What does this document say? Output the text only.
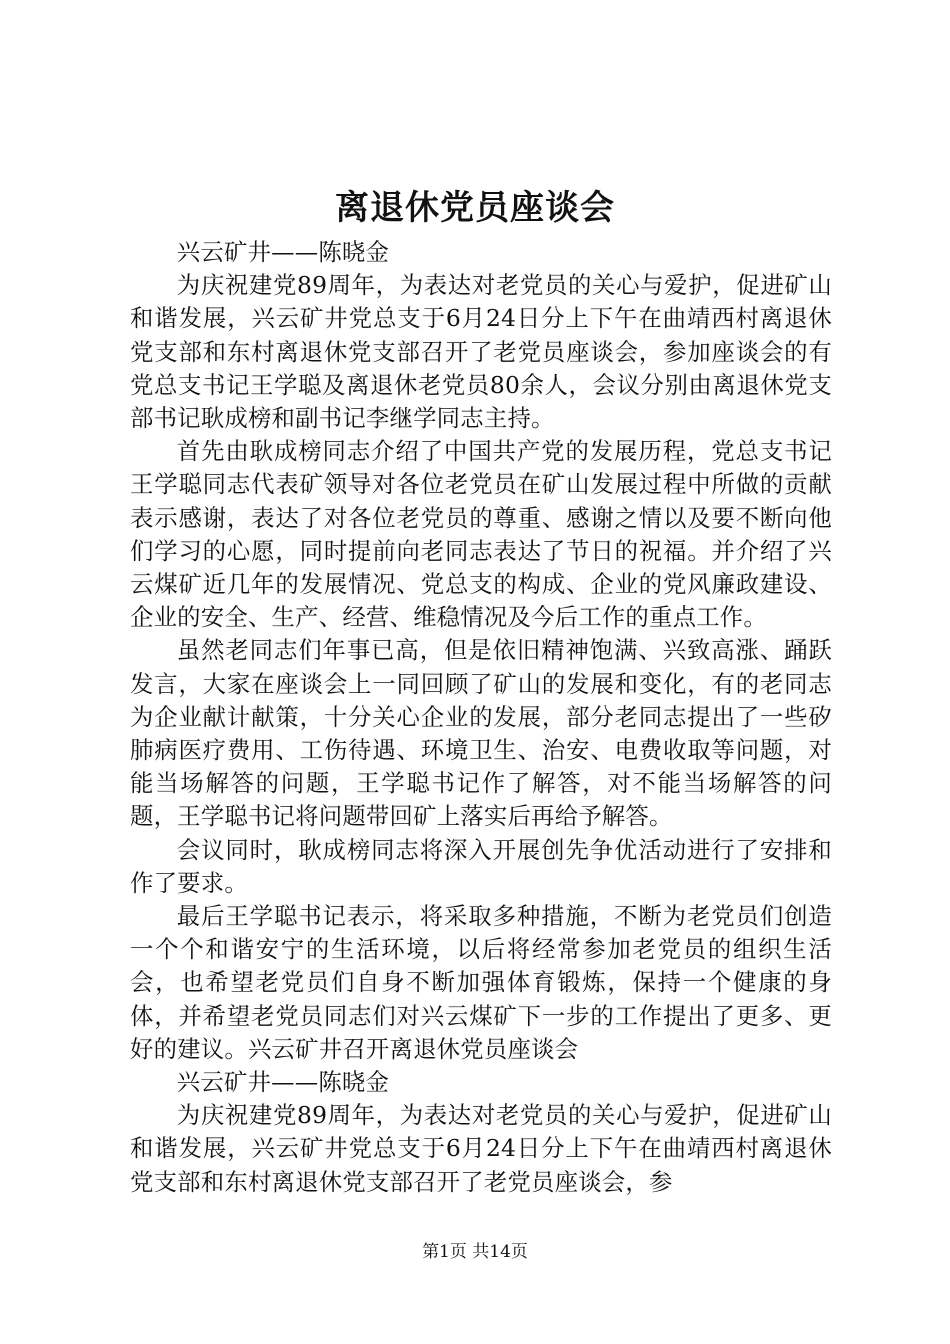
离退休党员座谈会

兴云矿井——陈晓金

为庆祝建党89周年，为表达对老党员的关心与爱护，促进矿山和谐发展，兴云矿井党总支于6月24日分上下午在曲靖西村离退休党支部和东村离退休党支部召开了老党员座谈会，参加座谈会的有党总支书记王学聪及离退休老党员80余人，会议分别由离退休党支部书记耿成榜和副书记李继学同志主持。

首先由耿成榜同志介绍了中国共产党的发展历程，党总支书记王学聪同志代表矿领导对各位老党员在矿山发展过程中所做的贡献表示感谢，表达了对各位老党员的尊重、感谢之情以及要不断向他们学习的心愿，同时提前向老同志表达了节日的祝福。并介绍了兴云煤矿近几年的发展情况、党总支的构成、企业的党风廉政建设、企业的安全、生产、经营、维稳情况及今后工作的重点工作。

虽然老同志们年事已高，但是依旧精神饱满、兴致高涨、踊跃发言，大家在座谈会上一同回顾了矿山的发展和变化，有的老同志为企业献计献策，十分关心企业的发展，部分老同志提出了一些矽肺病医疗费用、工伤待遇、环境卫生、治安、电费收取等问题，对能当场解答的问题，王学聪书记作了解答，对不能当场解答的问题，王学聪书记将问题带回矿上落实后再给予解答。

会议同时，耿成榜同志将深入开展创先争优活动进行了安排和作了要求。

最后王学聪书记表示，将采取多种措施，不断为老党员们创造一个个和谐安宁的生活环境，以后将经常参加老党员的组织生活会，也希望老党员们自身不断加强体育锻炼，保持一个健康的身体，并希望老党员同志们对兴云煤矿下一步的工作提出了更多、更好的建议。兴云矿井召开离退休党员座谈会

兴云矿井——陈晓金

为庆祝建党89周年，为表达对老党员的关心与爱护，促进矿山和谐发展，兴云矿井党总支于6月24日分上下午在曲靖西村离退休党支部和东村离退休党支部召开了老党员座谈会，参

第1页 共14页
